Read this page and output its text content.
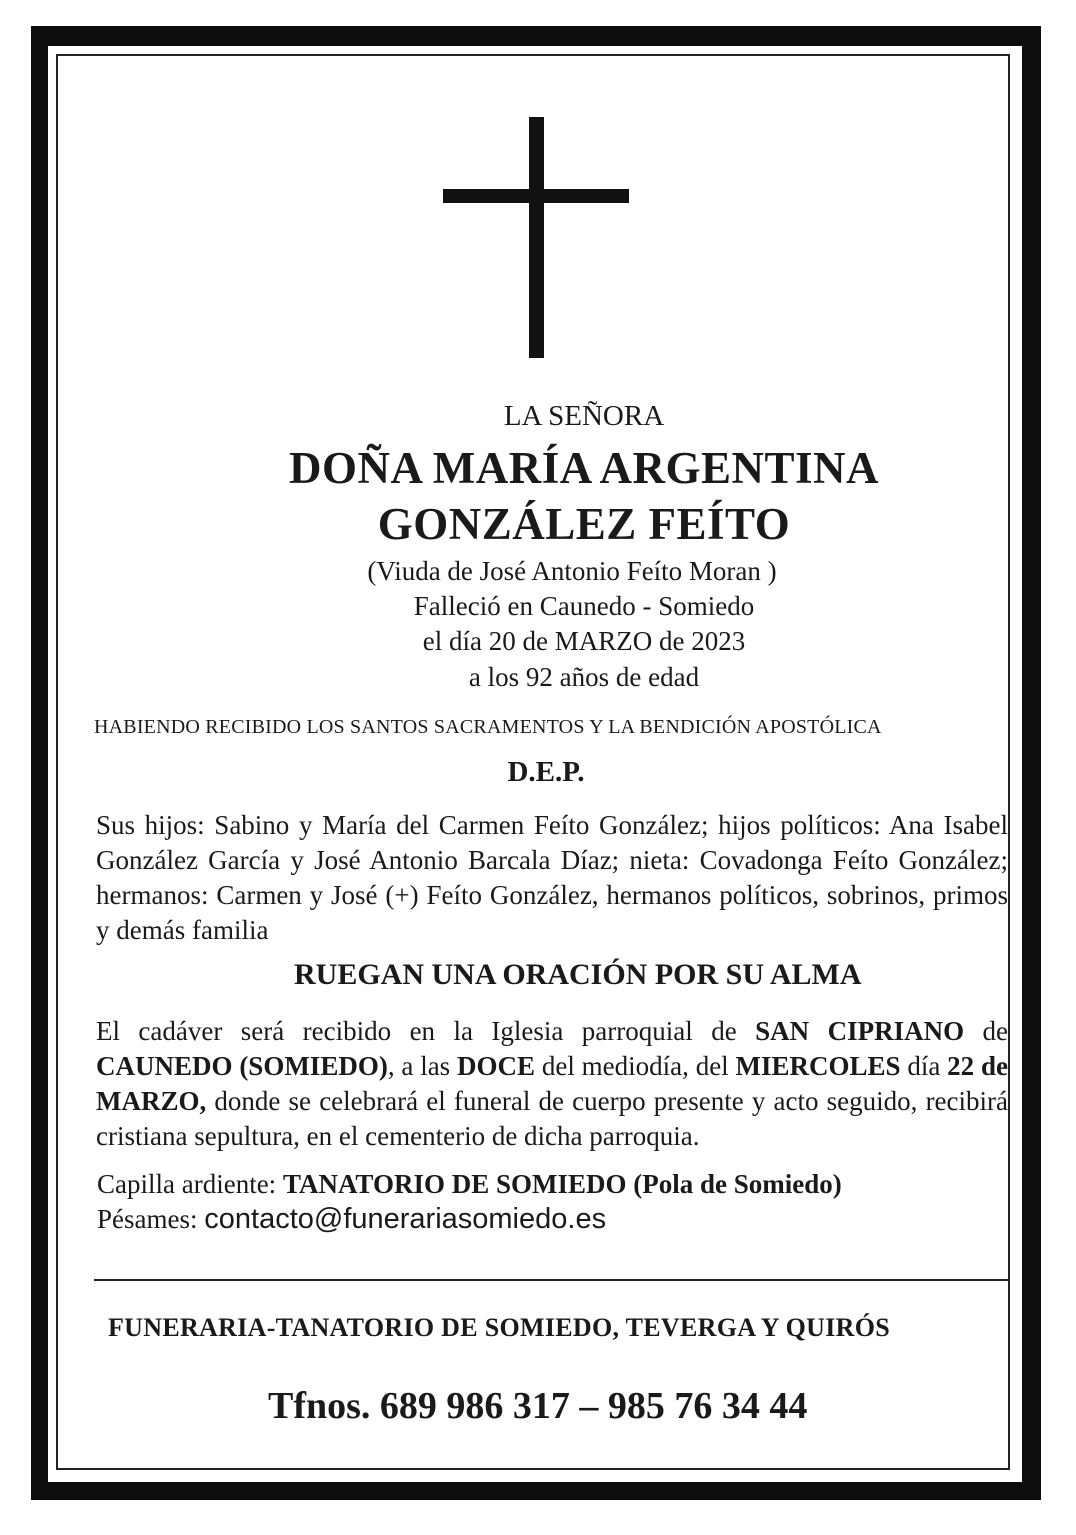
LA SEÑORA
DOÑA MARÍA ARGENTINA
GONZÁLEZ FEÍTO
(Viuda de José Antonio Feíto Moran )
Falleció en Caunedo - Somiedo
el día 20 de MARZO de 2023
a los 92 años de edad
HABIENDO RECIBIDO LOS SANTOS SACRAMENTOS Y LA BENDICIÓN APOSTÓLICA
D.E.P.
Sus hijos: Sabino y María del Carmen Feíto González; hijos políticos: Ana Isabel González García y José Antonio Barcala Díaz; nieta: Covadonga Feíto González; hermanos: Carmen y José (+) Feíto González, hermanos políticos, sobrinos, primos y demás familia
RUEGAN UNA ORACIÓN POR SU ALMA
El cadáver será recibido en la Iglesia parroquial de SAN CIPRIANO de CAUNEDO (SOMIEDO), a las DOCE del mediodía, del MIERCOLES día 22 de MARZO, donde se celebrará el funeral de cuerpo presente y acto seguido, recibirá cristiana sepultura, en el cementerio de dicha parroquia.
Capilla ardiente: TANATORIO DE SOMIEDO (Pola de Somiedo)
Pésames: contacto@funerariasomiedo.es
FUNERARIA-TANATORIO DE SOMIEDO, TEVERGA Y QUIRÓS
Tfnos. 689 986 317 – 985 76 34 44
